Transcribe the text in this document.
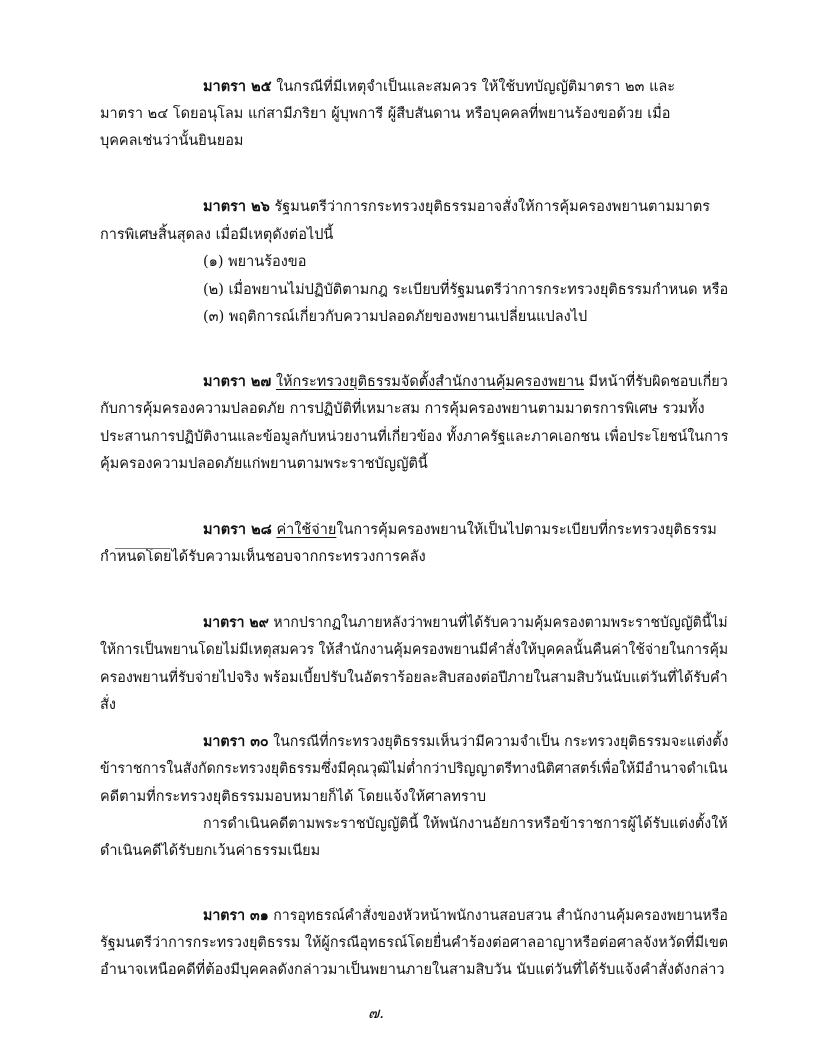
มาตรา ๒๕ ในกรณีที่มีเหตุจำเป็นและสมควร ให้ใช้บทบัญญัติมาตรา ๒๓ และ
มาตรา ๒๔ โดยอนุโลม แก่สามีภริยา ผู้บุพการี ผู้สืบสันดาน หรือบุคคลที่พยานร้องขอด้วย เมื่อ
บุคคลเช่นว่านั้นยินยอม
มาตรา ๒๖ รัฐมนตรีว่าการกระทรวงยุติธรรมอาจสั่งให้การคุ้มครองพยานตามมาตร
การพิเศษสิ้นสุดลง เมื่อมีเหตุดังต่อไปนี้
(๑) พยานร้องขอ
(๒) เมื่อพยานไม่ปฏิบัติตามกฎ ระเบียบที่รัฐมนตรีว่าการกระทรวงยุติธรรมกำหนด หรือ
(๓) พฤติการณ์เกี่ยวกับความปลอดภัยของพยานเปลี่ยนแปลงไป
มาตรา ๒๗ ให้กระทรวงยุติธรรมจัดตั้งสำนักงานคุ้มครองพยาน มีหน้าที่รับผิดชอบเกี่ยว
กับการคุ้มครองความปลอดภัย การปฏิบัติที่เหมาะสม การคุ้มครองพยานตามมาตรการพิเศษ รวมทั้ง
ประสานการปฏิบัติงานและข้อมูลกับหน่วยงานที่เกี่ยวข้อง ทั้งภาครัฐและภาคเอกชน เพื่อประโยชน์ในการ
คุ้มครองความปลอดภัยแก่พยานตามพระราชบัญญัตินี้
มาตรา ๒๘ ค่าใช้จ่ายในการคุ้มครองพยานให้เป็นไปตามระเบียบที่กระทรวงยุติธรรม
กำหนดโดยได้รับความเห็นชอบจากกระทรวงการคลัง
มาตรา ๒๙ หากปรากฏในภายหลังว่าพยานที่ได้รับความคุ้มครองตามพระราชบัญญัตินี้ไม่
ให้การเป็นพยานโดยไม่มีเหตุสมควร ให้สำนักงานคุ้มครองพยานมีคำสั่งให้บุคคลนั้นคืนค่าใช้จ่ายในการคุ้ม
ครองพยานที่รับจ่ายไปจริง พร้อมเบี้ยปรับในอัตราร้อยละสิบสองต่อปีภายในสามสิบวันนับแต่วันที่ได้รับคำ
สั่ง
มาตรา ๓๐ ในกรณีที่กระทรวงยุติธรรมเห็นว่ามีความจำเป็น กระทรวงยุติธรรมจะแต่งตั้ง
ข้าราชการในสังกัดกระทรวงยุติธรรมซึ่งมีคุณวุฒิไม่ต่ำกว่าปริญญาตรีทางนิติศาสตร์เพื่อให้มีอำนาจดำเนิน
คดีตามที่กระทรวงยุติธรรมมอบหมายก็ได้ โดยแจ้งให้ศาลทราบ
การดำเนินคดีตามพระราชบัญญัตินี้ ให้พนักงานอัยการหรือข้าราชการผู้ได้รับแต่งตั้งให้
ดำเนินคดีได้รับยกเว้นค่าธรรมเนียม
มาตรา ๓๑ การอุทธรณ์คำสั่งของหัวหน้าพนักงานสอบสวน สำนักงานคุ้มครองพยานหรือ
รัฐมนตรีว่าการกระทรวงยุติธรรม ให้ผู้กรณีอุทธรณ์โดยยื่นคำร้องต่อศาลอาญาหรือต่อศาลจังหวัดที่มีเขต
อำนาจเหนือคดีที่ต้องมีบุคคลดังกล่าวมาเป็นพยานภายในสามสิบวัน นับแต่วันที่ได้รับแจ้งคำสั่งดังกล่าว
๗.
